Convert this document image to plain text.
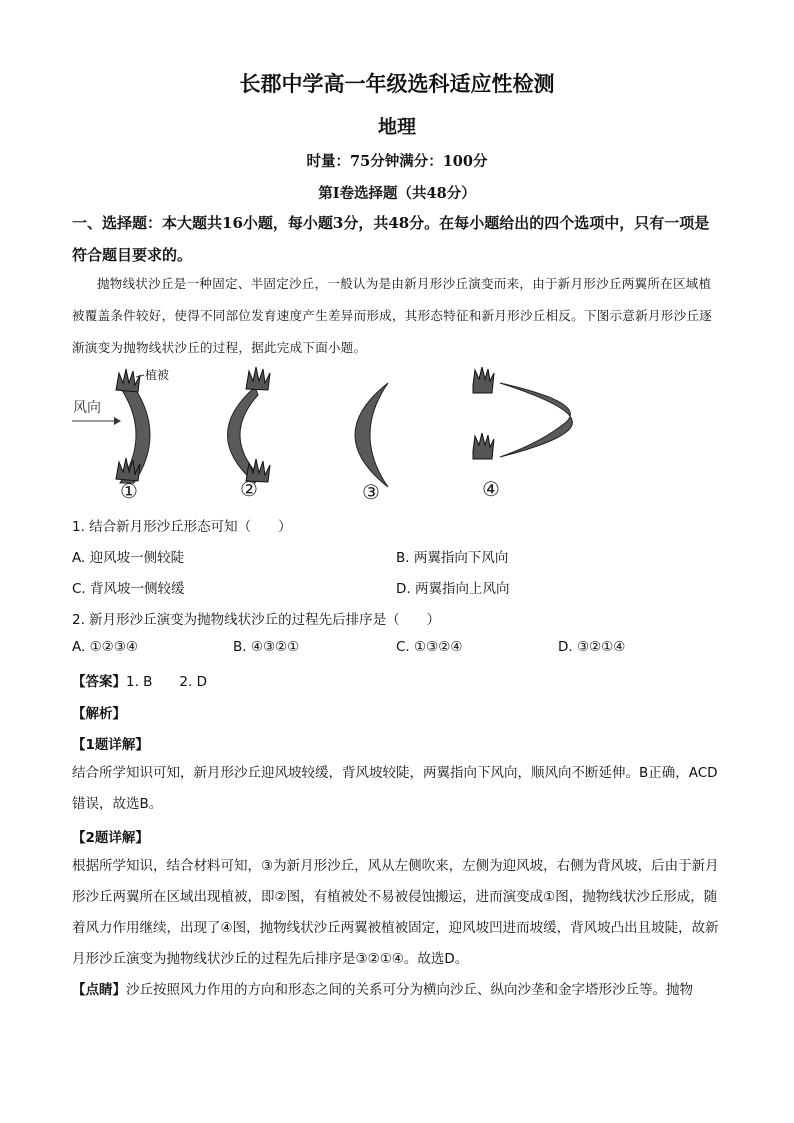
长郡中学高一年级选科适应性检测
地理
时量：75分钟满分：100分
第Ⅰ卷选择题（共48分）
一、选择题：本大题共16小题，每小题3分，共48分。在每小题给出的四个选项中，只有一项是符合题目要求的。
抛物线状沙丘是一种固定、半固定沙丘，一般认为是由新月形沙丘演变而来，由于新月形沙丘两翼所在区域植被覆盖条件较好，使得不同部位发育速度产生差异而形成，其形态特征和新月形沙丘相反。下图示意新月形沙丘逐渐演变为抛物线状沙丘的过程，据此完成下面小题。
植被
风向
①	②	③	④
1. 结合新月形沙丘形态可知（　　）
A. 迎风坡一侧较陡	B. 两翼指向下风向
C. 背风坡一侧较缓	D. 两翼指向上风向
2. 新月形沙丘演变为抛物线状沙丘的过程先后排序是（　　）
A. ①②③④	B. ④③②①	C. ①③②④	D. ③②①④
【答案】1. B　　2. D
【解析】
【1题详解】
结合所学知识可知，新月形沙丘迎风坡较缓，背风坡较陡，两翼指向下风向，顺风向不断延伸。B正确，ACD错误，故选B。
【2题详解】
根据所学知识，结合材料可知，③为新月形沙丘，风从左侧吹来，左侧为迎风坡，右侧为背风坡，后由于新月形沙丘两翼所在区域出现植被，即②图，有植被处不易被侵蚀搬运，进而演变成①图，抛物线状沙丘形成，随着风力作用继续，出现了④图，抛物线状沙丘两翼被植被固定，迎风坡凹进而坡缓，背风坡凸出且坡陡，故新月形沙丘演变为抛物线状沙丘的过程先后排序是③②①④。故选D。
【点睛】沙丘按照风力作用的方向和形态之间的关系可分为横向沙丘、纵向沙垄和金字塔形沙丘等。抛物
